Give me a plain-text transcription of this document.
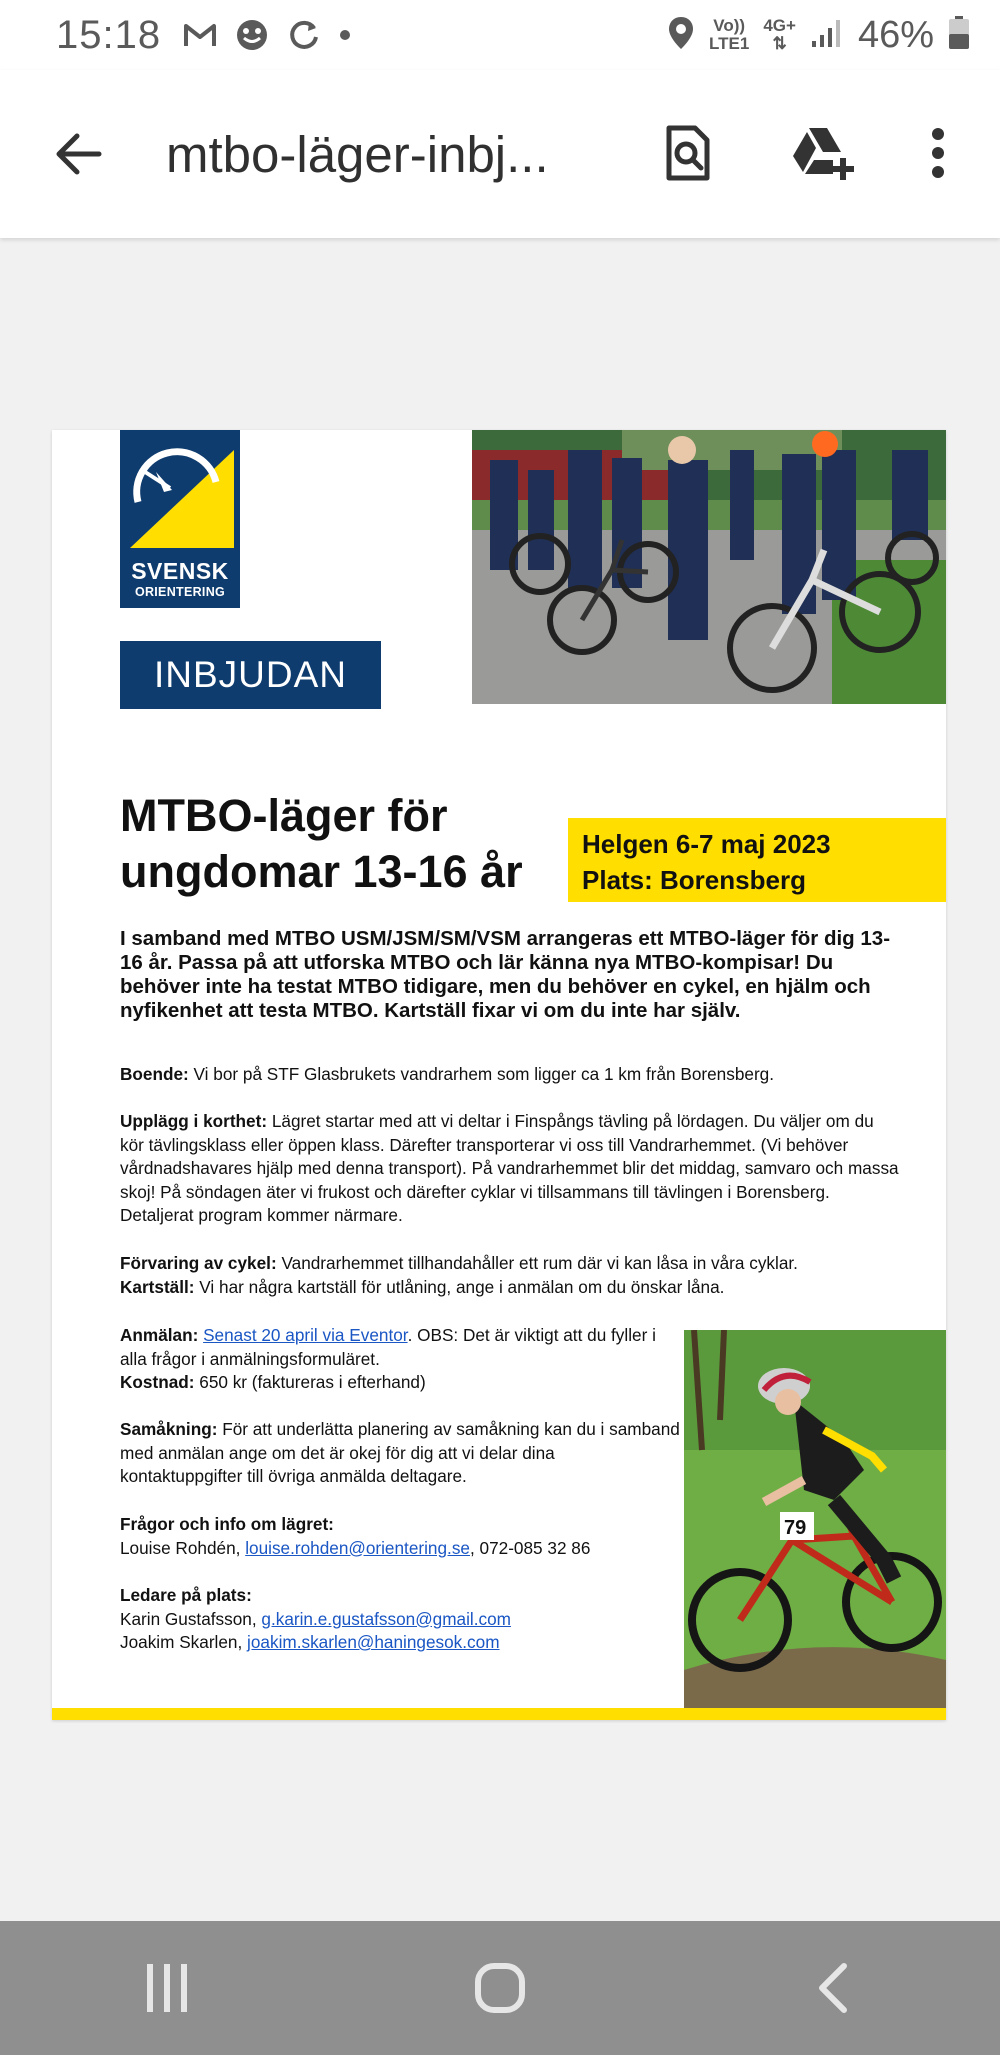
15:18	Vo))
LTE1
4G+
⇅ 46%
mtbo-läger-inbj...
SVENSK
ORIENTERING
INBJUDAN
MTBO-läger för
ungdomar 13-16 år
Helgen 6-7 maj 2023
Plats: Borensberg
I samband med MTBO USM/JSM/SM/VSM arrangeras ett MTBO-läger för dig 13-16 år. Passa på att utforska MTBO och lär känna nya MTBO-kompisar! Du behöver inte ha testat MTBO tidigare, men du behöver en cykel, en hjälm och nyfikenhet att testa MTBO. Kartställ fixar vi om du inte har själv.
Boende: Vi bor på STF Glasbrukets vandrarhem som ligger ca 1 km från Borensberg.
Upplägg i korthet: Lägret startar med att vi deltar i Finspångs tävling på lördagen. Du väljer om du kör tävlingsklass eller öppen klass. Därefter transporterar vi oss till Vandrarhemmet. (Vi behöver vårdnadshavares hjälp med denna transport). På vandrarhemmet blir det middag, samvaro och massa skoj! På söndagen äter vi frukost och därefter cyklar vi tillsammans till tävlingen i Borensberg. Detaljerat program kommer närmare.
Förvaring av cykel: Vandrarhemmet tillhandahåller ett rum där vi kan låsa in våra cyklar.
Kartställ: Vi har några kartställ för utlåning, ange i anmälan om du önskar låna.
Anmälan: Senast 20 april via Eventor. OBS: Det är viktigt att du fyller i alla frågor i anmälningsformuläret.
Kostnad: 650 kr (faktureras i efterhand)
Samåkning: För att underlätta planering av samåkning kan du i samband med anmälan ange om det är okej för dig att vi delar dina kontaktuppgifter till övriga anmälda deltagare.
Frågor och info om lägret:
Louise Rohdén, louise.rohden@orientering.se, 072-085 32 86
Ledare på plats:
Karin Gustafsson, g.karin.e.gustafsson@gmail.com
Joakim Skarlen, joakim.skarlen@haningesok.com
79
